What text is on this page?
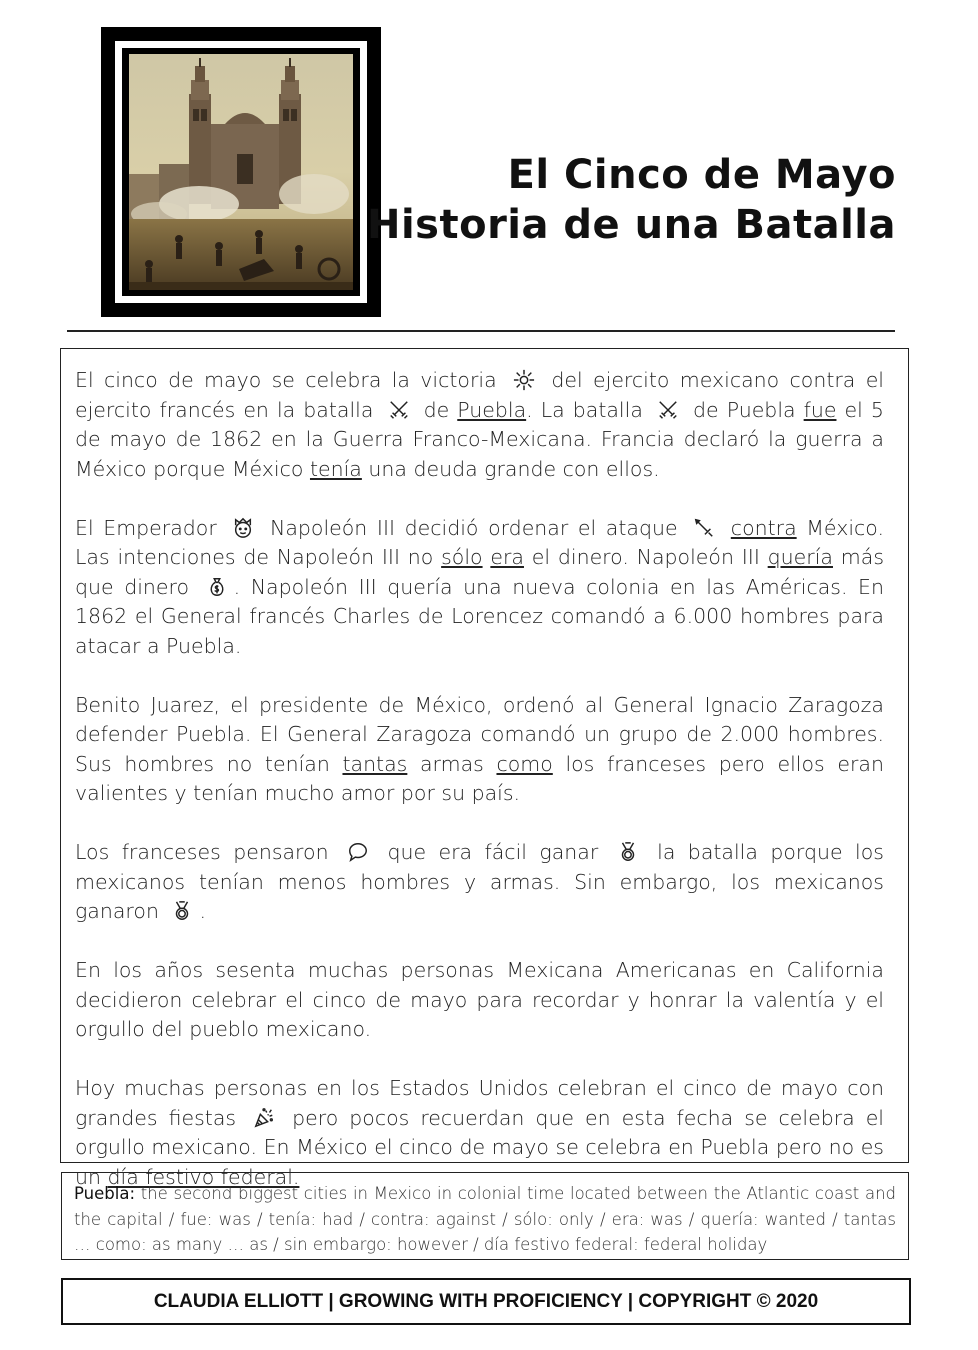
El Cinco de Mayo
Historia de una Batalla

El cinco de mayo se celebra la victoria	del ejercito mexicano contra el ejercito francés en la batalla de Puebla. La batalla de Puebla fue el 5 de mayo de 1862 en la Guerra Franco-Mexicana. Francia declaró la guerra a México porque México tenía una deuda grande con ellos.

El Emperador	Napoleón III decidió ordenar el ataque	contra México. Las intenciones de Napoleón III no sólo era el dinero. Napoleón III quería más que dinero . Napoleón III quería una nueva colonia en las Américas. En 1862 el General francés Charles de Lorencez comandó a 6.000 hombres para atacar a Puebla.

Benito Juarez, el presidente de México, ordenó al General Ignacio Zaragoza defender Puebla. El General Zaragoza comandó un grupo de 2.000 hombres. Sus hombres no tenían tantas armas como los franceses pero ellos eran valientes y tenían mucho amor por su país.

Los franceses pensaron	que era fácil ganar	la batalla porque los mexicanos tenían menos hombres y armas. Sin embargo, los mexicanos ganaron .

En los años sesenta muchas personas Mexicana Americanas en California decidieron celebrar el cinco de mayo para recordar y honrar la valentía y el orgullo del pueblo mexicano.

Hoy muchas personas en los Estados Unidos celebran el cinco de mayo con grandes fiestas	pero pocos recuerdan que en esta fecha se celebra el orgullo mexicano. En México el cinco de mayo se celebra en Puebla pero no es un día festivo federal.

Puebla: the second biggest cities in Mexico in colonial time located between the Atlantic coast and the capital / fue: was / tenía: had / contra: against / sólo: only / era: was / quería: wanted / tantas … como: as many … as / sin embargo: however / día festivo federal: federal holiday
CLAUDIA ELLIOTT | GROWING WITH PROFICIENCY | COPYRIGHT © 2020
